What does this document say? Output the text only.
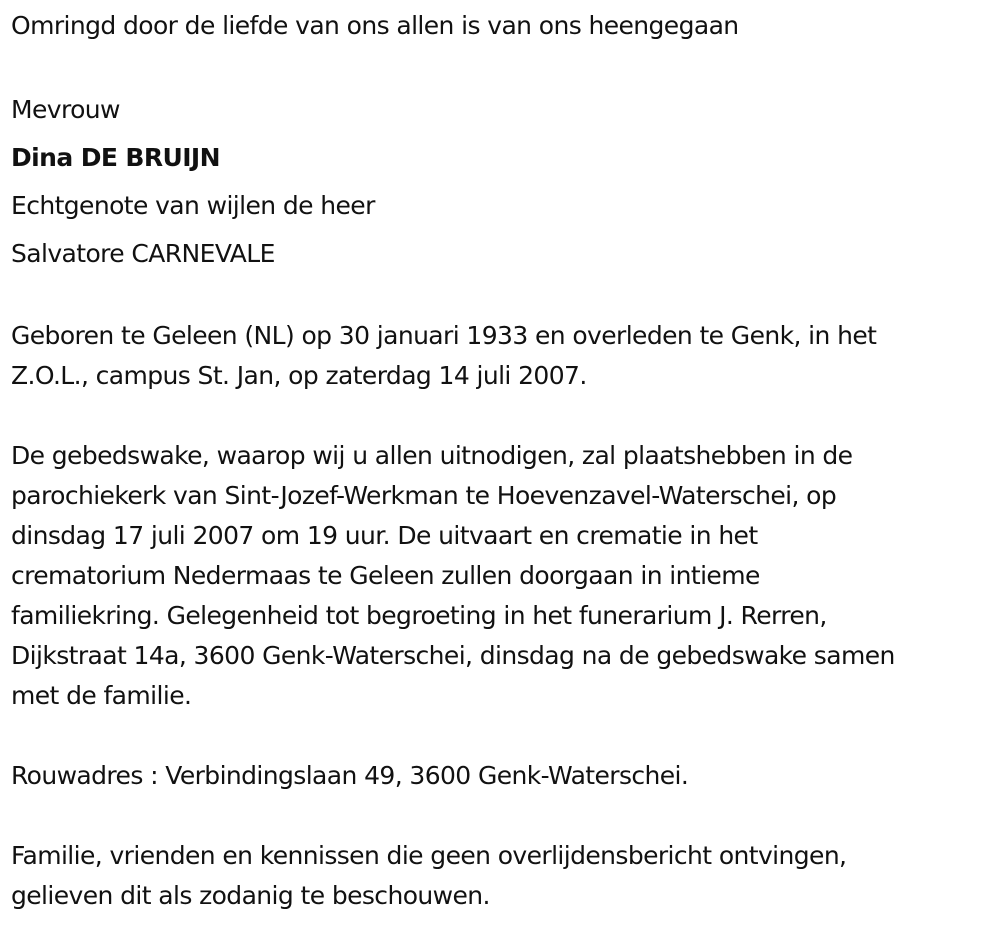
Omringd door de liefde van ons allen is van ons heengegaan

Mevrouw

Dina DE BRUIJN

Echtgenote van wijlen de heer

Salvatore CARNEVALE

Geboren te Geleen (NL) op 30 januari 1933 en overleden te Genk, in het

Z.O.L., campus St. Jan, op zaterdag 14 juli 2007.

De gebedswake, waarop wij u allen uitnodigen, zal plaatshebben in de

parochiekerk van Sint-Jozef-Werkman te Hoevenzavel-Waterschei, op

dinsdag 17 juli 2007 om 19 uur. De uitvaart en crematie in het

crematorium Nedermaas te Geleen zullen doorgaan in intieme

familiekring. Gelegenheid tot begroeting in het funerarium J. Rerren,

Dijkstraat 14a, 3600 Genk-Waterschei, dinsdag na de gebedswake samen

met de familie.

Rouwadres : Verbindingslaan 49, 3600 Genk-Waterschei.

Familie, vrienden en kennissen die geen overlijdensbericht ontvingen,

gelieven dit als zodanig te beschouwen.
